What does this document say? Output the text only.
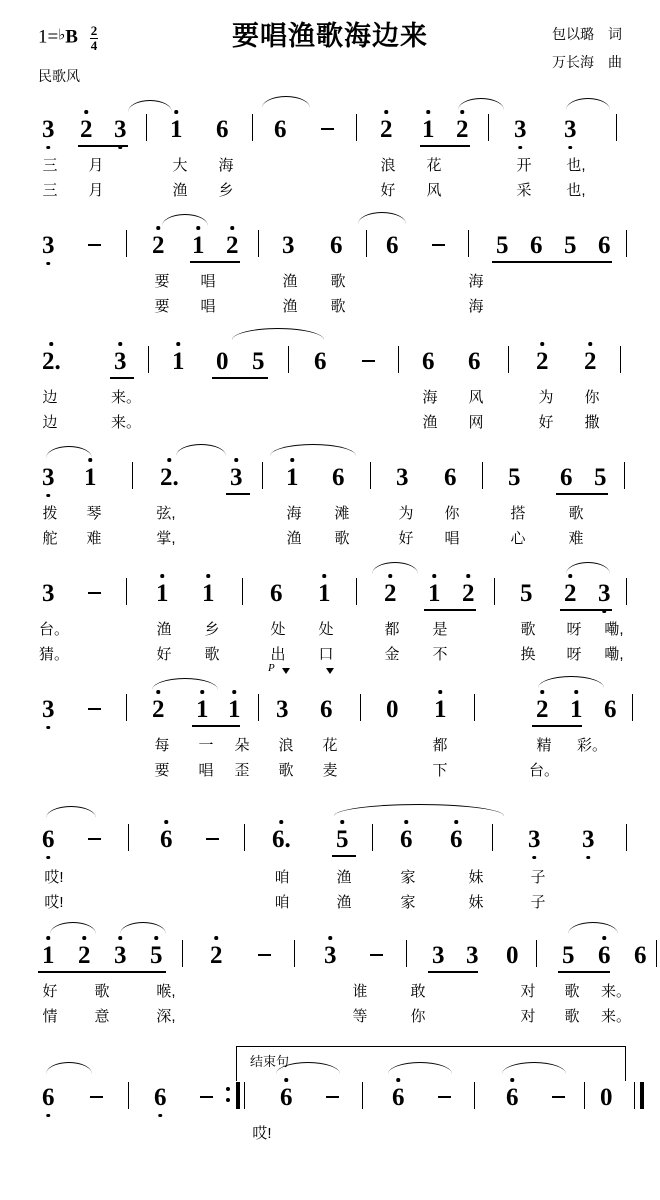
1=♭B $\frac{2}{4}$	要唱渔歌海边来	包以璐 词
万长海 曲
民歌风
3 2 3 1 6 6	2 1 2 3 3
三 月	大 海	浪 花	开 也,
三 月	渔 乡	好 风	采 也,
3	2 1 2 3 6 6	5 6 5 6
要 唱	渔 歌	海
要 唱	渔 歌	海
2. 3 1 0 5 6	6 6 2 2
边	来。	海 风	为 你
边	来。	渔 网	好 撒
3 1	2. 3 1 6 3 6 5 6 5
拨 琴	弦,	海 滩	为 你	搭	歌
舵 难	掌,	渔 歌	好 唱	心	难
3	1 1 6 1 2 1 2 5 2 3
台。	渔 乡	处 处	都 是	歌 呀 嘞,
猜。	好 歌	出 口	金 不	换 呀 嘞,
3	2 1 1
P
3 6 0 1	2 1 6
每 一 朵 浪 花	都	精 彩。
要 唱 歪 歌 麦	下	台。
6	6	6. 5 6 6	3 3
哎!	咱	渔	家	妹	子
哎!	咱	渔	家	妹	子
1 2 3 5 2	3	3 3 0 5 6 6
好 歌	喉,	谁	敢	对 歌 来。
情 意	深,	等	你	对 歌 来。
结束句
6	6	6	6	6	0
哎!
